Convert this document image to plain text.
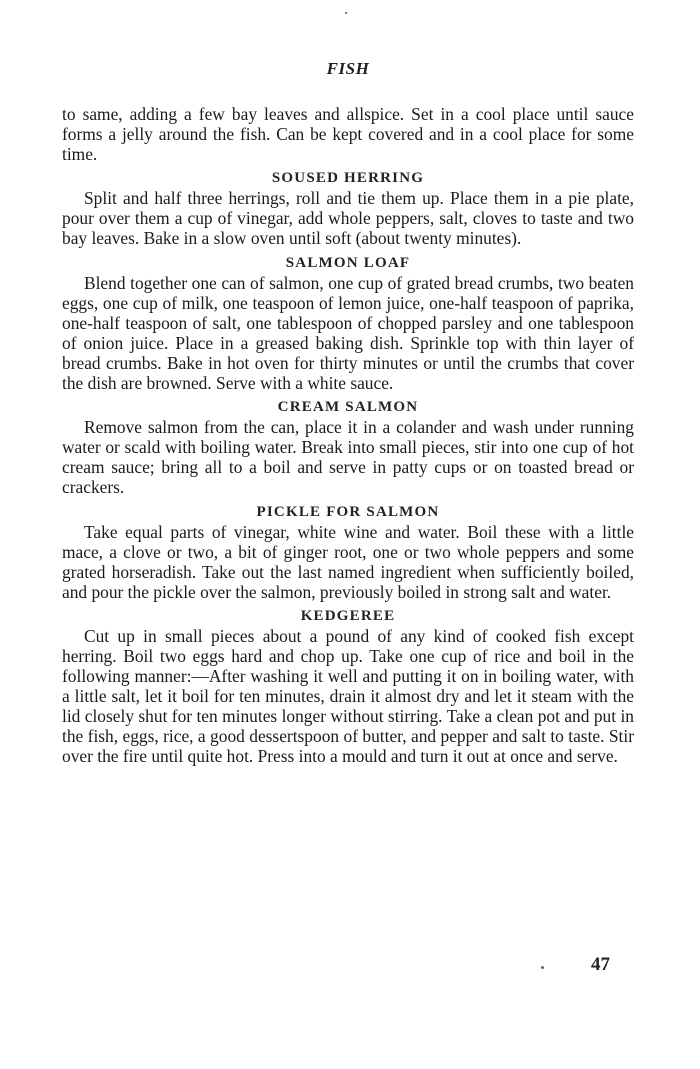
FISH

to same, adding a few bay leaves and allspice. Set in a cool place until sauce forms a jelly around the fish. Can be kept covered and in a cool place for some time.

SOUSED HERRING

Split and half three herrings, roll and tie them up. Place them in a pie plate, pour over them a cup of vinegar, add whole peppers, salt, cloves to taste and two bay leaves. Bake in a slow oven until soft (about twenty minutes).

SALMON LOAF

Blend together one can of salmon, one cup of grated bread crumbs, two beaten eggs, one cup of milk, one teaspoon of lemon juice, one-half teaspoon of paprika, one-half teaspoon of salt, one tablespoon of chopped parsley and one tablespoon of onion juice. Place in a greased baking dish. Sprinkle top with thin layer of bread crumbs. Bake in hot oven for thirty minutes or until the crumbs that cover the dish are browned. Serve with a white sauce.

CREAM SALMON

Remove salmon from the can, place it in a colander and wash under running water or scald with boiling water. Break into small pieces, stir into one cup of hot cream sauce; bring all to a boil and serve in patty cups or on toasted bread or crackers.

PICKLE FOR SALMON

Take equal parts of vinegar, white wine and water. Boil these with a little mace, a clove or two, a bit of ginger root, one or two whole peppers and some grated horseradish. Take out the last named ingredient when sufficiently boiled, and pour the pickle over the salmon, previously boiled in strong salt and water.

KEDGEREE

Cut up in small pieces about a pound of any kind of cooked fish except herring. Boil two eggs hard and chop up. Take one cup of rice and boil in the following manner:—After washing it well and putting it on in boiling water, with a little salt, let it boil for ten minutes, drain it almost dry and let it steam with the lid closely shut for ten minutes longer without stirring. Take a clean pot and put in the fish, eggs, rice, a good dessertspoon of butter, and pepper and salt to taste. Stir over the fire until quite hot. Press into a mould and turn it out at once and serve.

47
